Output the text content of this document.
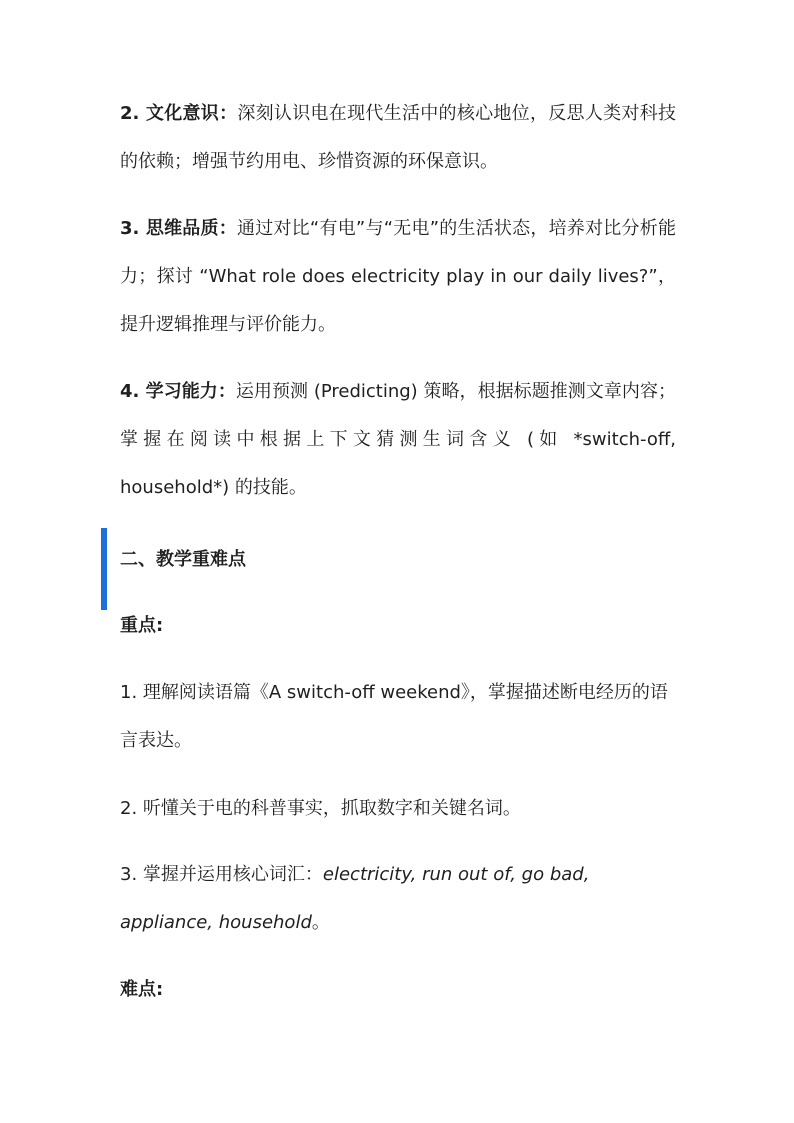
2. 文化意识：深刻认识电在现代生活中的核心地位，反思人类对科技的依赖；增强节约用电、珍惜资源的环保意识。

3. 思维品质：通过对比“有电”与“无电”的生活状态，培养对比分析能力；探讨 “What role does electricity play in our daily lives?”，提升逻辑推理与评价能力。

4. 学习能力：运用预测 (Predicting) 策略，根据标题推测文章内容；掌握在阅读中根据上下文猜测生词含义 (如 *switch-off, household*) 的技能。

二、教学重难点

重点:

1. 理解阅读语篇《A switch-off weekend》，掌握描述断电经历的语言表达。

2. 听懂关于电的科普事实，抓取数字和关键名词。

3. 掌握并运用核心词汇：electricity, run out of, go bad, appliance, household。

难点:
